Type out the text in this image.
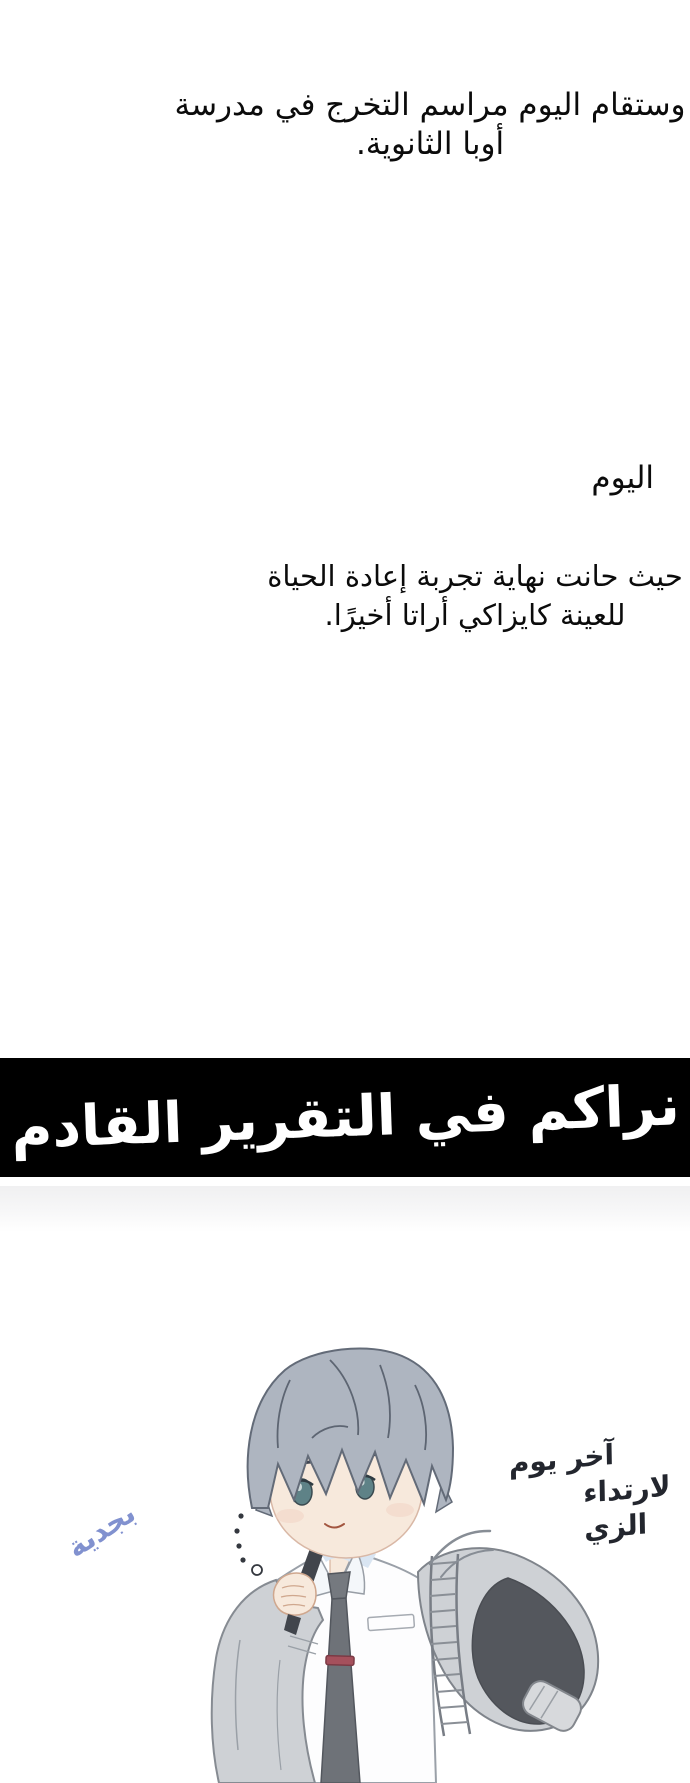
وستقام اليوم مراسم التخرج في مدرسة
أوبا الثانوية.
اليوم
حيث حانت نهاية تجربة إعادة الحياة
للعينة كايزاكي أراتا أخيرًا.
نراكم في التقرير القادم
بجدية
آخر يوم
لارتداء
الزي
